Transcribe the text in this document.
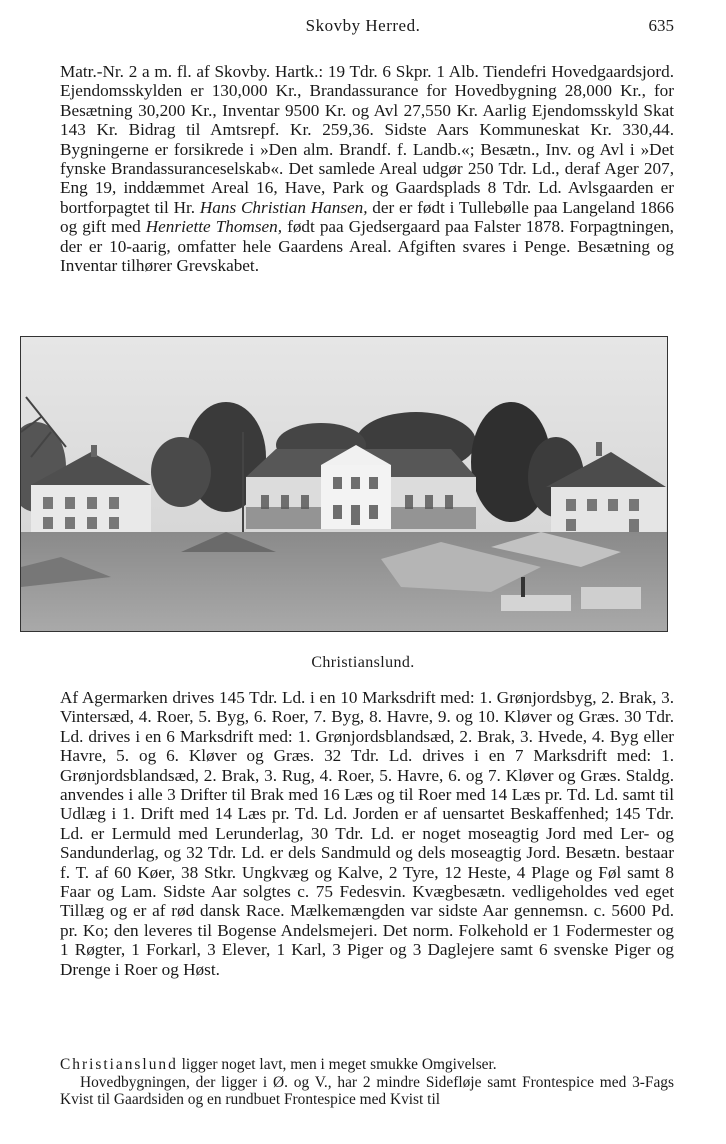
Skovby Herred.	635
Matr.-Nr. 2 a m. fl. af Skovby. Hartk.: 19 Tdr. 6 Skpr. 1 Alb. Tiendefri Hovedgaardsjord. Ejendomsskylden er 130,000 Kr., Brandassurance for Hovedbygning 28,000 Kr., for Besætning 30,200 Kr., Inventar 9500 Kr. og Avl 27,550 Kr. Aarlig Ejendomsskyld Skat 143 Kr. Bidrag til Amtsrepf. Kr. 259,36. Sidste Aars Kommuneskat Kr. 330,44. Bygningerne er forsikrede i »Den alm. Brandf. f. Landb.«; Besætn., Inv. og Avl i »Det fynske Brandassuranceselskab«. Det samlede Areal udgør 250 Tdr. Ld., deraf Ager 207, Eng 19, inddæmmet Areal 16, Have, Park og Gaardsplads 8 Tdr. Ld. Avlsgaarden er bortforpagtet til Hr. Hans Christian Hansen, der er født i Tullebølle paa Langeland 1866 og gift med Henriette Thomsen, født paa Gjedsergaard paa Falster 1878. Forpagtningen, der er 10-aarig, omfatter hele Gaardens Areal. Afgiften svares i Penge. Besætning og Inventar tilhører Grevskabet.
Christianslund.
Af Agermarken drives 145 Tdr. Ld. i en 10 Marksdrift med: 1. Grønjordsbyg, 2. Brak, 3. Vintersæd, 4. Roer, 5. Byg, 6. Roer, 7. Byg, 8. Havre, 9. og 10. Kløver og Græs. 30 Tdr. Ld. drives i en 6 Marksdrift med: 1. Grønjordsblandsæd, 2. Brak, 3. Hvede, 4. Byg eller Havre, 5. og 6. Kløver og Græs. 32 Tdr. Ld. drives i en 7 Marksdrift med: 1. Grønjordsblandsæd, 2. Brak, 3. Rug, 4. Roer, 5. Havre, 6. og 7. Kløver og Græs. Staldg. anvendes i alle 3 Drifter til Brak med 16 Læs og til Roer med 14 Læs pr. Td. Ld. samt til Udlæg i 1. Drift med 14 Læs pr. Td. Ld. Jorden er af uensartet Beskaffenhed; 145 Tdr. Ld. er Lermuld med Lerunderlag, 30 Tdr. Ld. er noget moseagtig Jord med Ler- og Sandunderlag, og 32 Tdr. Ld. er dels Sandmuld og dels moseagtig Jord. Besætn. bestaar f. T. af 60 Køer, 38 Stkr. Ungkvæg og Kalve, 2 Tyre, 12 Heste, 4 Plage og Føl samt 8 Faar og Lam. Sidste Aar solgtes c. 75 Fedesvin. Kvægbesætn. vedligeholdes ved eget Tillæg og er af rød dansk Race. Mælkemængden var sidste Aar gennemsn. c. 5600 Pd. pr. Ko; den leveres til Bogense Andelsmejeri. Det norm. Folkehold er 1 Fodermester og 1 Røgter, 1 Forkarl, 3 Elever, 1 Karl, 3 Piger og 3 Daglejere samt 6 svenske Piger og Drenge i Roer og Høst.
Christianslund ligger noget lavt, men i meget smukke Omgivelser.
Hovedbygningen, der ligger i Ø. og V., har 2 mindre Sidefløje samt Frontespice med 3-Fags Kvist til Gaardsiden og en rundbuet Frontespice med Kvist til
